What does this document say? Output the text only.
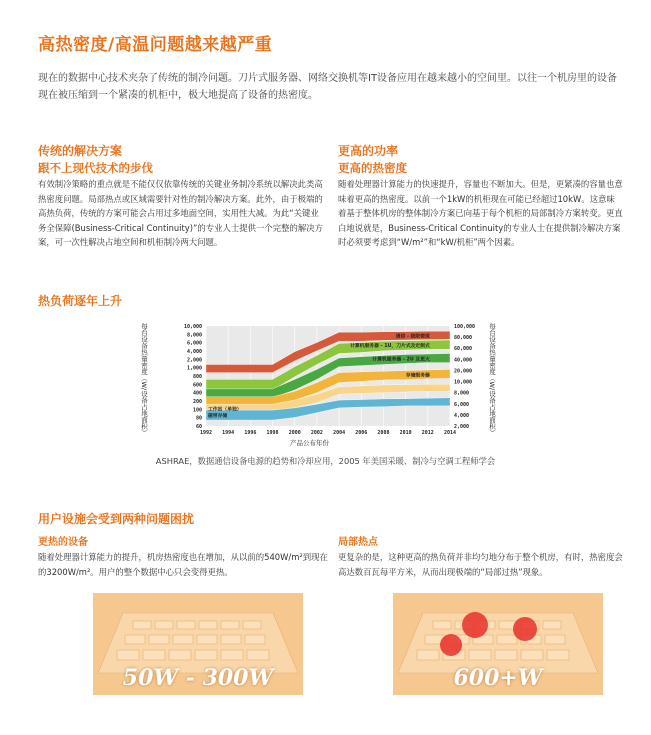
高热密度/高温问题越来越严重
现在的数据中心技术夹杂了传统的制冷问题。刀片式服务器、网络交换机等IT设备应用在越来越小的空间里。以往一个机房里的设备现在被压缩到一个紧凑的机柜中，极大地提高了设备的热密度。
传统的解决方案
跟不上现代技术的步伐
有效制冷策略的重点就是不能仅仅依靠传统的关键业务制冷系统以解决此类高热密度问题。局部热点或区域需要针对性的制冷解决方案。此外，由于极端的高热负荷，传统的方案可能会占用过多地面空间，实用性大减。为此“关键业务全保障(Business-Critical Continuity)”的专业人士提供一个完整的解决方案，可一次性解决占地空间和机柜制冷两大问题。
更高的功率
更高的热密度
随着处理器计算能力的快速提升，容量也不断加大。但是，更紧凑的容量也意味着更高的热密度。以前一个1kW的机柜现在可能已经超过10kW。这意味着基于整体机房的整体制冷方案已向基于每个机柜的局部制冷方案转变。更直白地说就是，Business-Critical Continuity的专业人士在提供制冷解决方案时必须要考虑到“W/m²”和“kW/机柜”两个因素。
热负荷逐年上升
10,000
8,000
6,000
4,000
2,000
1,000
800
600
400
200
100
80
60
100,000
80,000
60,000
40,000
20,000
10,000
8,000
6,000
4,000
2,000
1992 1994 1996 1998 2000 2002 2004 2006 2008 2010 2012 2014
通信 - 极限密度
计算机服务器 - 1U，刀片式及定制式
计算机服务器 - 2U 及更大
存储服务器
工作站（单独）
磁带存储
每台设备热量密度（W/设备占地面积）	每台设备热量密度（W/设备占地面积）
产品公布年份
ASHRAE，数据通信设备电源的趋势和冷却应用，2005 年美国采暖、制冷与空调工程师学会
用户设施会受到两种问题困扰
更热的设备
随着处理器计算能力的提升，机房热密度也在增加，从以前的540W/m²到现在的3200W/m²。用户的整个数据中心只会变得更热。
局部热点
更复杂的是，这种更高的热负荷并非均匀地分布于整个机房，有时，热密度会高达数百瓦每平方米，从而出现极端的“局部过热”现象。
50W - 300W	600+W
